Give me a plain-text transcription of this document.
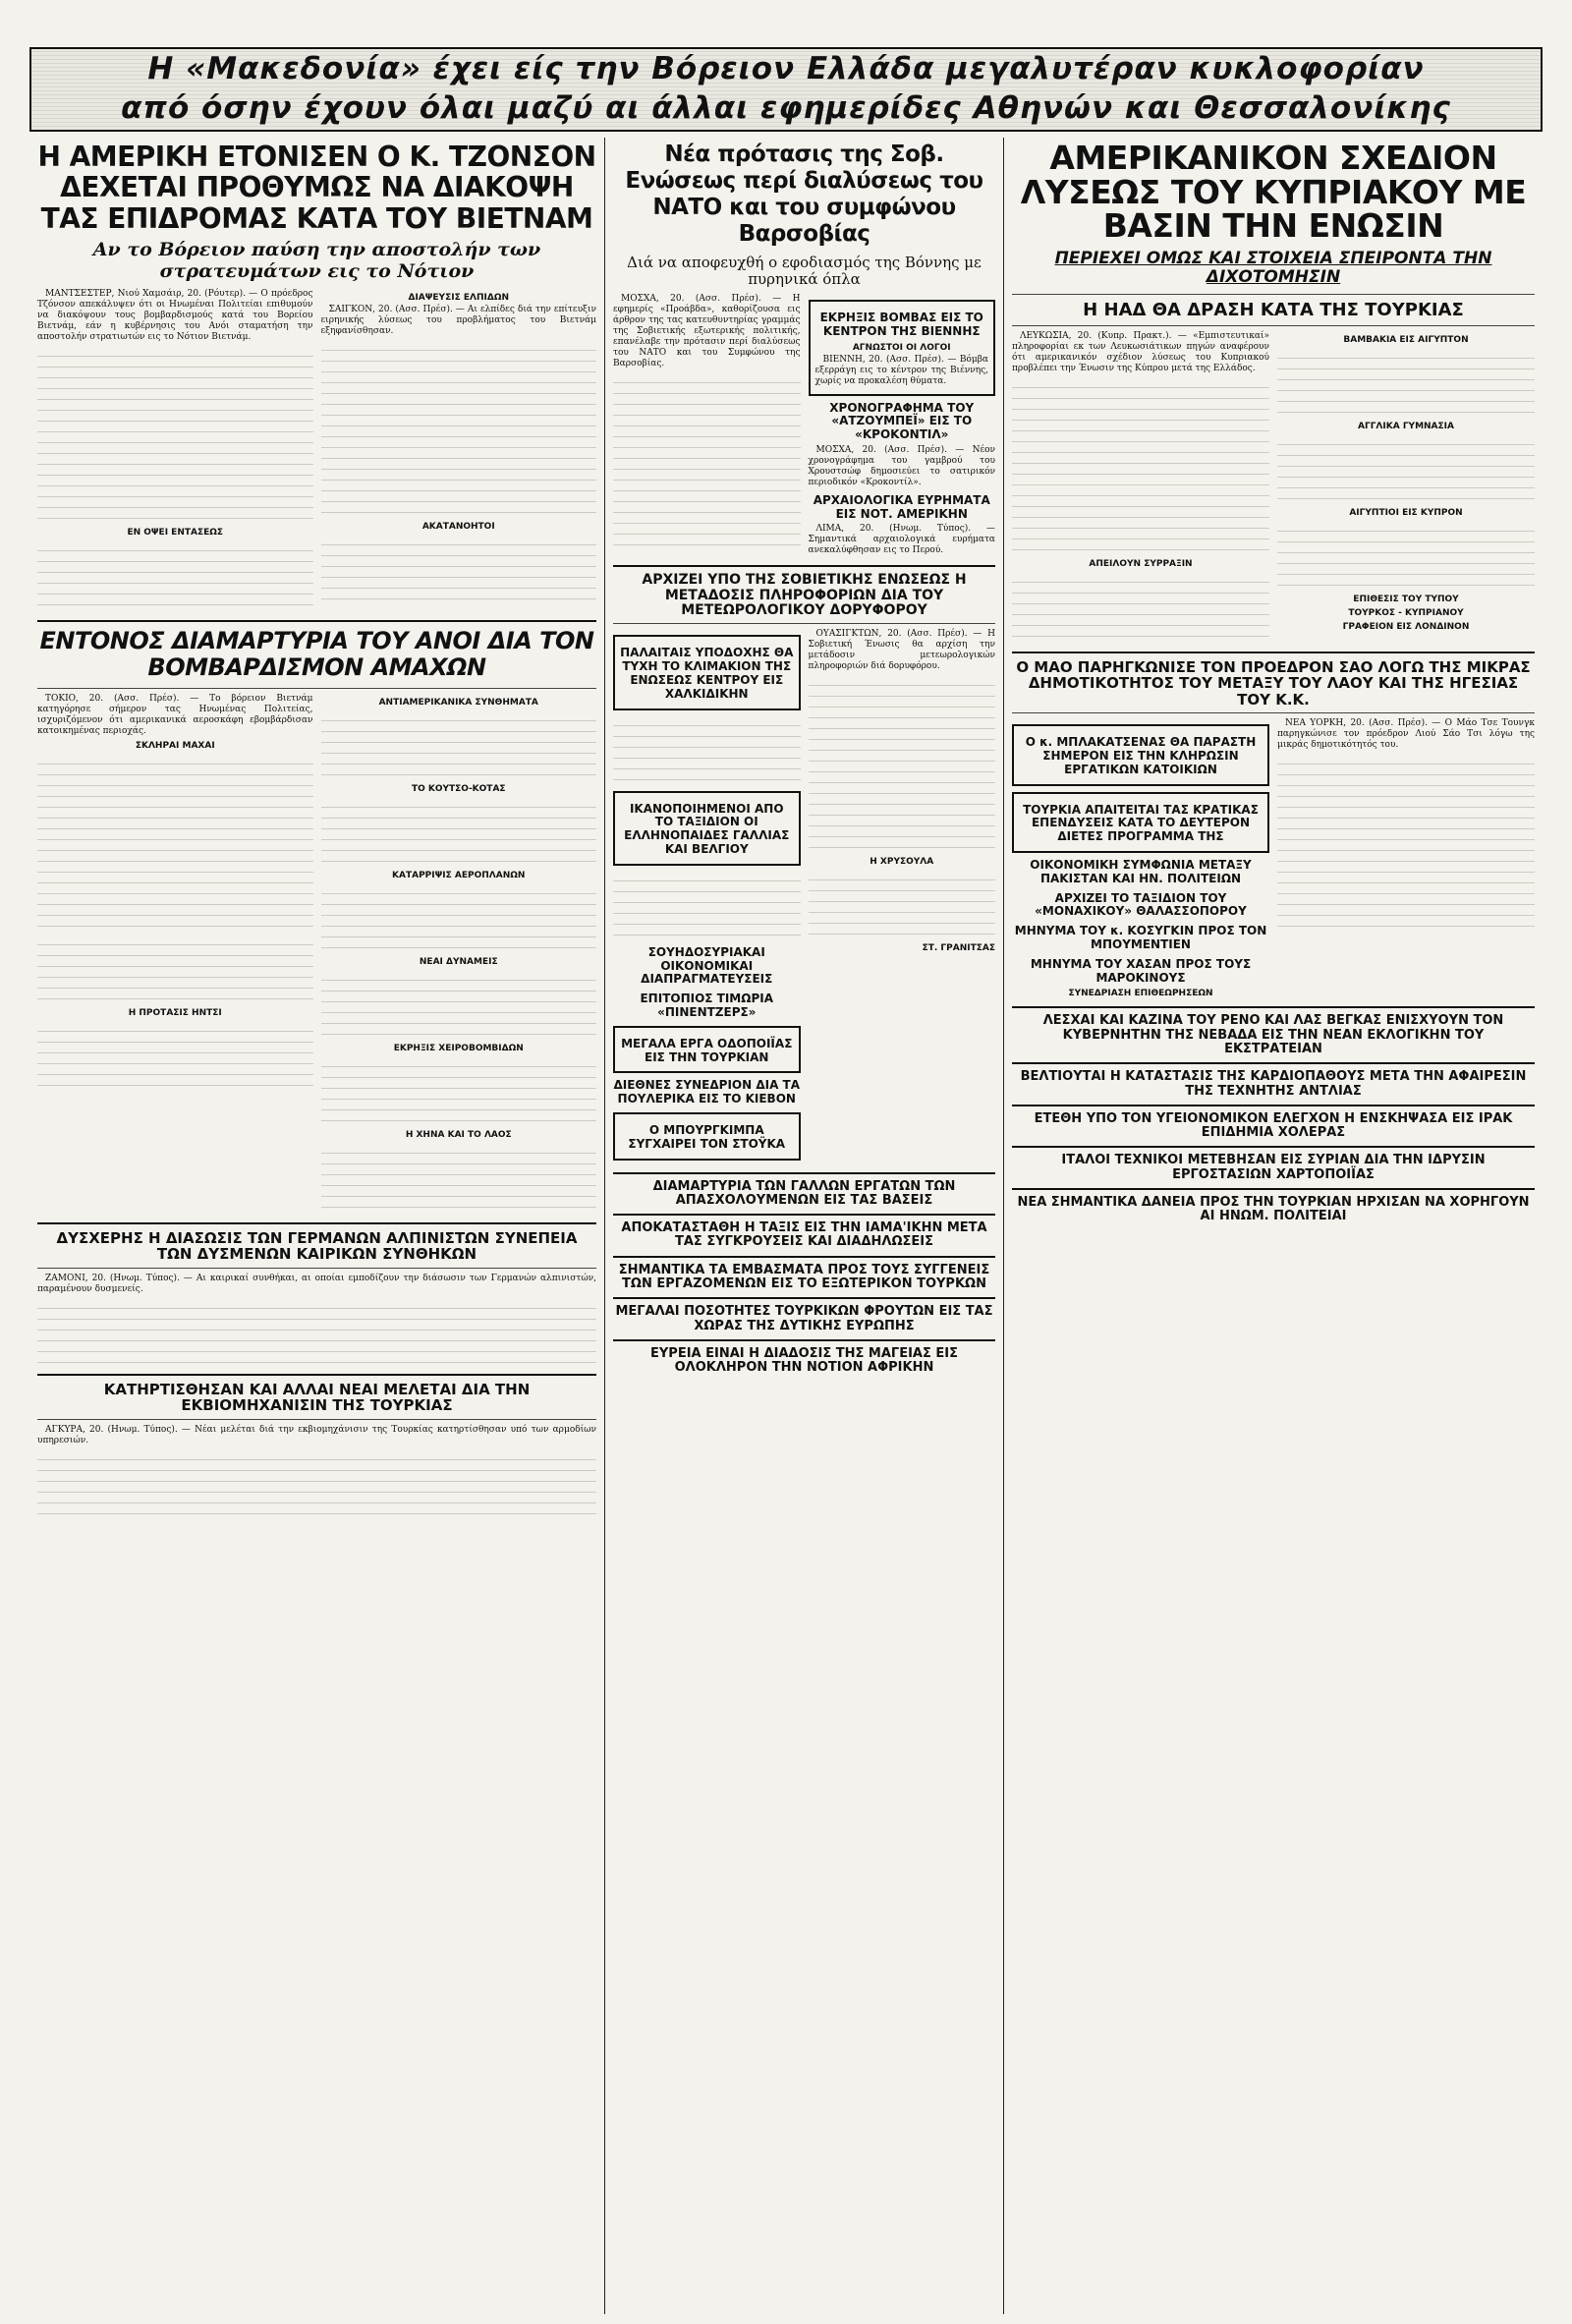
Η «Μακεδονία» έχει είς την Βόρειον Ελλάδα μεγαλυτέραν κυκλοφορίαν
από όσην έχουν όλαι μαζύ αι άλλαι εφημερίδες Αθηνών και Θεσσαλονίκης
Η ΑΜΕΡΙΚΗ ΕΤΟΝΙΣΕΝ Ο Κ. ΤΖΟΝΣΟΝ ΔΕΧΕΤΑΙ ΠΡΟΘΥΜΩΣ ΝΑ ΔΙΑΚΟΨΗ ΤΑΣ ΕΠΙΔΡΟΜΑΣ ΚΑΤΑ ΤΟΥ ΒΙΕΤΝΑΜ
Αν το Βόρειον παύση την αποστολήν των στρατευμάτων εις το Νότιον

ΜΑΝΤΣΕΣΤΕΡ, Νιού Χαμσάιρ, 20. (Ρόυτερ). — Ο πρόεδρος Τζόνσον απεκάλυψεν ότι οι Ηνωμέναι Πολιτείαι επιθυμούν να διακόψουν τους βομβαρδισμούς κατά του Βορείου Βιετνάμ, εάν η κυβέρνησις του Ανόι σταματήση την αποστολήν στρατιωτών εις το Νότιον Βιετνάμ.

ΕΝ ΟΨΕΙ ΕΝΤΑΣΕΩΣ
ΔΙΑΨΕΥΣΙΣ ΕΛΠΙΔΩΝ

ΣΑΙΓΚΟΝ, 20. (Ασσ. Πρέσ). — Αι ελπίδες διά την επίτευξιν ειρηνικής λύσεως του προβλήματος του Βιετνάμ εξηφανίσθησαν.

ΑΚΑΤΑΝΟΗΤΟΙ
ΕΝΤΟΝΟΣ ΔΙΑΜΑΡΤΥΡΙΑ ΤΟΥ ΑΝΟΙ ΔΙΑ ΤΟΝ ΒΟΜΒΑΡΔΙΣΜΟΝ ΑΜΑΧΩΝ

ΤΟΚΙΟ, 20. (Ασσ. Πρέσ). — Το βόρειον Βιετνάμ κατηγόρησε σήμερον τας Ηνωμένας Πολιτείας, ισχυριζόμενον ότι αμερικανικά αεροσκάφη εβομβάρδισαν κατοικημένας περιοχάς.

ΣΚΛΗΡΑΙ ΜΑΧΑΙ
Η ΠΡΟΤΑΣΙΣ ΗΝΤΣΙ
ΑΝΤΙΑΜΕΡΙΚΑΝΙΚΑ ΣΥΝΘΗΜΑΤΑ
ΤΟ ΚΟΥΤΣΟ-ΚΟΤΑΣ
ΚΑΤΑΡΡΙΨΙΣ ΑΕΡΟΠΛΑΝΩΝ
ΝΕΑΙ ΔΥΝΑΜΕΙΣ
ΕΚΡΗΞΙΣ ΧΕΙΡΟΒΟΜΒΙΔΩΝ
Η ΧΗΝΑ ΚΑΙ ΤΟ ΛΑΟΣ
ΔΥΣΧΕΡΗΣ Η ΔΙΑΣΩΣΙΣ ΤΩΝ ΓΕΡΜΑΝΩΝ ΑΛΠΙΝΙΣΤΩΝ ΣΥΝΕΠΕΙΑ ΤΩΝ ΔΥΣΜΕΝΩΝ ΚΑΙΡΙΚΩΝ ΣΥΝΘΗΚΩΝ

ΖΑΜΟΝΙ, 20. (Ηνωμ. Τύπος). — Αι καιρικαί συνθήκαι, αι οποίαι εμποδίζουν την διάσωσιν των Γερμανών αλπινιστών, παραμένουν δυσμενείς.

ΚΑΤΗΡΤΙΣΘΗΣΑΝ ΚΑΙ ΑΛΛΑΙ ΝΕΑΙ ΜΕΛΕΤΑΙ ΔΙΑ ΤΗΝ ΕΚΒΙΟΜΗΧΑΝΙΣΙΝ ΤΗΣ ΤΟΥΡΚΙΑΣ

ΑΓΚΥΡΑ, 20. (Ηνωμ. Τύπος). — Νέαι μελέται διά την εκβιομηχάνισιν της Τουρκίας κατηρτίσθησαν υπό των αρμοδίων υπηρεσιών.

Νέα πρότασις της Σοβ. Ενώσεως περί διαλύσεως του ΝΑΤΟ και του συμφώνου Βαρσοβίας
Διά να αποφευχθή ο εφοδιασμός της Βόννης με πυρηνικά όπλα

ΜΟΣΧΑ, 20. (Ασσ. Πρέσ). — Η εφημερίς «Προάβδα», καθορίζουσα εις άρθρον της τας κατευθυντηρίας γραμμάς της Σοβιετικής εξωτερικής πολιτικής, επανέλαβε την πρότασιν περί διαλύσεως του ΝΑΤΟ και του Συμφώνου της Βαρσοβίας.

ΕΚΡΗΞΙΣ ΒΟΜΒΑΣ ΕΙΣ ΤΟ ΚΕΝΤΡΟΝ ΤΗΣ ΒΙΕΝΝΗΣ
ΑΓΝΩΣΤΟΙ ΟΙ ΛΟΓΟΙ

ΒΙΕΝΝΗ, 20. (Ασσ. Πρέσ). — Βόμβα εξερράγη εις το κέντρον της Βιέννης, χωρίς να προκαλέση θύματα.

ΧΡΟΝΟΓΡΑΦΗΜΑ ΤΟΥ «ΑΤΖΟΥΜΠΕΪ» ΕΙΣ ΤΟ «ΚΡΟΚΟΝΤΙΛ»

ΜΟΣΧΑ, 20. (Ασσ. Πρέσ). — Νέον χρονογράφημα του γαμβρού του Χρουστσώφ δημοσιεύει το σατιρικόν περιοδικόν «Κροκοντίλ».

ΑΡΧΑΙΟΛΟΓΙΚΑ ΕΥΡΗΜΑΤΑ ΕΙΣ ΝΟΤ. ΑΜΕΡΙΚΗΝ

ΛΙΜΑ, 20. (Ηνωμ. Τύπος). — Σημαντικά αρχαιολογικά ευρήματα ανεκαλύφθησαν εις το Περού.

ΑΡΧΙΖΕΙ ΥΠΟ ΤΗΣ ΣΟΒΙΕΤΙΚΗΣ ΕΝΩΣΕΩΣ Η ΜΕΤΑΔΟΣΙΣ ΠΛΗΡΟΦΟΡΙΩΝ ΔΙΑ ΤΟΥ ΜΕΤΕΩΡΟΛΟΓΙΚΟΥ ΔΟΡΥΦΟΡΟΥ
ΠΑΛΑΙΤΑΙΣ ΥΠΟΔΟΧΗΣ ΘΑ ΤΥΧΗ ΤΟ ΚΛΙΜΑΚΙΟΝ ΤΗΣ ΕΝΩΣΕΩΣ ΚΕΝΤΡΟΥ ΕΙΣ ΧΑΛΚΙΔΙΚΗΝ
ΙΚΑΝΟΠΟΙΗΜΕΝΟΙ ΑΠΟ ΤΟ ΤΑΞΙΔΙΟΝ ΟΙ ΕΛΛΗΝΟΠΑΙΔΕΣ ΓΑΛΛΙΑΣ ΚΑΙ ΒΕΛΓΙΟΥ
ΣΟΥΗΔΟΣΥΡΙΑΚΑΙ ΟΙΚΟΝΟΜΙΚΑΙ ΔΙΑΠΡΑΓΜΑΤΕΥΣΕΙΣ
ΕΠΙΤΟΠΙΟΣ ΤΙΜΩΡΙΑ «ΠΙΝΕΝΤΖΕΡΣ»
ΜΕΓΑΛΑ ΕΡΓΑ ΟΔΟΠΟΙΪΑΣ ΕΙΣ ΤΗΝ ΤΟΥΡΚΙΑΝ
ΔΙΕΘΝΕΣ ΣΥΝΕΔΡΙΟΝ ΔΙΑ ΤΑ ΠΟΥΛΕΡΙΚΑ ΕΙΣ ΤΟ ΚΙΕΒΟΝ
Ο ΜΠΟΥΡΓΚΙΜΠΑ ΣΥΓΧΑΙΡΕΙ ΤΟΝ ΣΤΟΫΚΑ

ΟΥΑΣΙΓΚΤΩΝ, 20. (Ασσ. Πρέσ). — Η Σοβιετική Ένωσις θα αρχίση την μετάδοσιν μετεωρολογικών πληροφοριών διά δορυφόρου.

Η ΧΡΥΣΟΥΛΑ
ΣΤ. ΓΡΑΝΙΤΣΑΣ
ΔΙΑΜΑΡΤΥΡΙΑ ΤΩΝ ΓΑΛΛΩΝ ΕΡΓΑΤΩΝ ΤΩΝ ΑΠΑΣΧΟΛΟΥΜΕΝΩΝ ΕΙΣ ΤΑΣ ΒΑΣΕΙΣ
ΑΠΟΚΑΤΑΣΤΑΘΗ Η ΤΑΞΙΣ ΕΙΣ ΤΗΝ ΙΑΜΑ'ΙΚΗΝ ΜΕΤΑ ΤΑΣ ΣΥΓΚΡΟΥΣΕΙΣ ΚΑΙ ΔΙΑΔΗΛΩΣΕΙΣ
ΣΗΜΑΝΤΙΚΑ ΤΑ ΕΜΒΑΣΜΑΤΑ ΠΡΟΣ ΤΟΥΣ ΣΥΓΓΕΝΕΙΣ ΤΩΝ ΕΡΓΑΖΟΜΕΝΩΝ ΕΙΣ ΤΟ ΕΞΩΤΕΡΙΚΟΝ ΤΟΥΡΚΩΝ
ΜΕΓΑΛΑΙ ΠΟΣΟΤΗΤΕΣ ΤΟΥΡΚΙΚΩΝ ΦΡΟΥΤΩΝ ΕΙΣ ΤΑΣ ΧΩΡΑΣ ΤΗΣ ΔΥΤΙΚΗΣ ΕΥΡΩΠΗΣ
ΕΥΡΕΙΑ ΕΙΝΑΙ Η ΔΙΑΔΟΣΙΣ ΤΗΣ ΜΑΓΕΙΑΣ ΕΙΣ ΟΛΟΚΛΗΡΟΝ ΤΗΝ ΝΟΤΙΟΝ ΑΦΡΙΚΗΝ
ΑΜΕΡΙΚΑΝΙΚΟΝ ΣΧΕΔΙΟΝ ΛΥΣΕΩΣ ΤΟΥ ΚΥΠΡΙΑΚΟΥ ΜΕ ΒΑΣΙΝ ΤΗΝ ΕΝΩΣΙΝ
ΠΕΡΙΕΧΕΙ ΟΜΩΣ ΚΑΙ ΣΤΟΙΧΕΙΑ ΣΠΕΙΡΟΝΤΑ ΤΗΝ ΔΙΧΟΤΟΜΗΣΙΝ
Η ΗΑΔ ΘΑ ΔΡΑΣΗ ΚΑΤΑ ΤΗΣ ΤΟΥΡΚΙΑΣ

ΛΕΥΚΩΣΙΑ, 20. (Κυπρ. Πρακτ.). — «Εμπιστευτικαί» πληροφορίαι εκ των Λευκωσιάτικων πηγών αναφέρουν ότι αμερικανικόν σχέδιον λύσεως του Κυπριακού προβλέπει την Ένωσιν της Κύπρου μετά της Ελλάδος.

ΑΠΕΙΛΟΥΝ ΣΥΡΡΑΞΙΝ
ΒΑΜΒΑΚΙΑ ΕΙΣ ΑΙΓΥΠΤΟΝ
ΑΓΓΛΙΚΑ ΓΥΜΝΑΣΙΑ
ΑΙΓΥΠΤΙΟΙ ΕΙΣ ΚΥΠΡΟΝ
ΕΠΙΘΕΣΙΣ ΤΟΥ ΤΥΠΟΥ
ΤΟΥΡΚΟΣ - ΚΥΠΡΙΑΝΟΥ
ΓΡΑΦΕΙΟΝ ΕΙΣ ΛΟΝΔΙΝΟΝ
Ο ΜΑΟ ΠΑΡΗΓΚΩΝΙΣΕ ΤΟΝ ΠΡΟΕΔΡΟΝ ΣΑΟ ΛΟΓΩ ΤΗΣ ΜΙΚΡΑΣ ΔΗΜΟΤΙΚΟΤΗΤΟΣ ΤΟΥ ΜΕΤΑΞΥ ΤΟΥ ΛΑΟΥ ΚΑΙ ΤΗΣ ΗΓΕΣΙΑΣ ΤΟΥ Κ.Κ.
Ο κ. ΜΠΛΑΚΑΤΣΕΝΑΣ ΘΑ ΠΑΡΑΣΤΗ ΣΗΜΕΡΟΝ ΕΙΣ ΤΗΝ ΚΛΗΡΩΣΙΝ ΕΡΓΑΤΙΚΩΝ ΚΑΤΟΙΚΙΩΝ
ΤΟΥΡΚΙΑ ΑΠΑΙΤΕΙΤΑΙ ΤΑΣ ΚΡΑΤΙΚΑΣ ΕΠΕΝΔΥΣΕΙΣ ΚΑΤΑ ΤΟ ΔΕΥΤΕΡΟΝ ΔΙΕΤΕΣ ΠΡΟΓΡΑΜΜΑ ΤΗΣ
ΟΙΚΟΝΟΜΙΚΗ ΣΥΜΦΩΝΙΑ ΜΕΤΑΞΥ ΠΑΚΙΣΤΑΝ ΚΑΙ ΗΝ. ΠΟΛΙΤΕΙΩΝ
ΑΡΧΙΖΕΙ ΤΟ ΤΑΞΙΔΙΟΝ ΤΟΥ «ΜΟΝΑΧΙΚΟΥ» ΘΑΛΑΣΣΟΠΟΡΟΥ
ΜΗΝΥΜΑ ΤΟΥ κ. ΚΟΣΥΓΚΙΝ ΠΡΟΣ ΤΟΝ ΜΠΟΥΜΕΝΤΙΕΝ
ΜΗΝΥΜΑ ΤΟΥ ΧΑΣΑΝ ΠΡΟΣ ΤΟΥΣ ΜΑΡΟΚΙΝΟΥΣ
ΣΥΝΕΔΡΙΑΣΗ ΕΠΙΘΕΩΡΗΣΕΩΝ

ΝΕΑ ΥΟΡΚΗ, 20. (Ασσ. Πρέσ). — Ο Μάο Τσε Τουνγκ παρηγκώνισε τον πρόεδρον Λιού Σάο Τσι λόγω της μικράς δημοτικότητός του.

ΛΕΣΧΑΙ ΚΑΙ ΚΑΖΙΝΑ ΤΟΥ ΡΕΝΟ ΚΑΙ ΛΑΣ ΒΕΓΚΑΣ ΕΝΙΣΧΥΟΥΝ ΤΟΝ ΚΥΒΕΡΝΗΤΗΝ ΤΗΣ ΝΕΒΑΔΑ ΕΙΣ ΤΗΝ ΝΕΑΝ ΕΚΛΟΓΙΚΗΝ ΤΟΥ ΕΚΣΤΡΑΤΕΙΑΝ
ΒΕΛΤΙΟΥΤΑΙ Η ΚΑΤΑΣΤΑΣΙΣ ΤΗΣ ΚΑΡΔΙΟΠΑΘΟΥΣ ΜΕΤΑ ΤΗΝ ΑΦΑΙΡΕΣΙΝ ΤΗΣ ΤΕΧΝΗΤΗΣ ΑΝΤΛΙΑΣ
ΕΤΕΘΗ ΥΠΟ ΤΟΝ ΥΓΕΙΟΝΟΜΙΚΟΝ ΕΛΕΓΧΟΝ Η ΕΝΣΚΗΨΑΣΑ ΕΙΣ ΙΡΑΚ ΕΠΙΔΗΜΙΑ ΧΟΛΕΡΑΣ
ΙΤΑΛΟΙ ΤΕΧΝΙΚΟΙ ΜΕΤΕΒΗΣΑΝ ΕΙΣ ΣΥΡΙΑΝ ΔΙΑ ΤΗΝ ΙΔΡΥΣΙΝ ΕΡΓΟΣΤΑΣΙΩΝ ΧΑΡΤΟΠΟΙΪΑΣ
ΝΕΑ ΣΗΜΑΝΤΙΚΑ ΔΑΝΕΙΑ ΠΡΟΣ ΤΗΝ ΤΟΥΡΚΙΑΝ ΗΡΧΙΣΑΝ ΝΑ ΧΟΡΗΓΟΥΝ ΑΙ ΗΝΩΜ. ΠΟΛΙΤΕΙΑΙ
